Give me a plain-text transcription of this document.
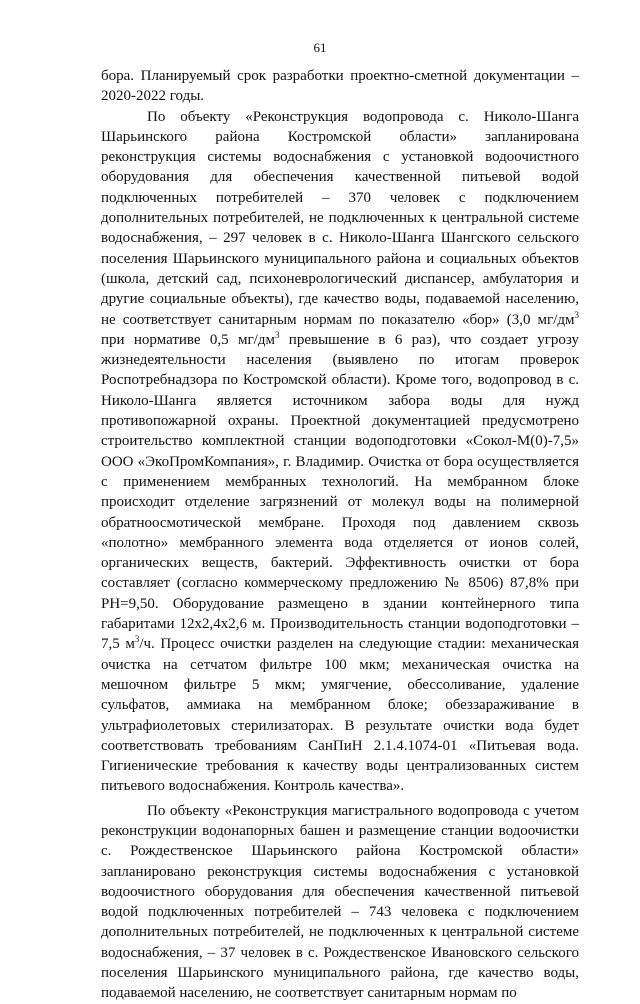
61

бора. Планируемый срок разработки проектно-сметной документации – 2020-2022 годы.

По объекту «Реконструкция водопровода с. Николо-Шанга Шарьинского района Костромской области» запланирована реконструкция системы водоснабжения с установкой водоочистного оборудования для обеспечения качественной питьевой водой подключенных потребителей – 370 человек с подключением дополнительных потребителей, не подключенных к центральной системе водоснабжения, – 297 человек в с. Николо-Шанга Шангского сельского поселения Шарьинского муниципального района и социальных объектов (школа, детский сад, психоневрологический диспансер, амбулатория и другие социальные объекты), где качество воды, подаваемой населению, не соответствует санитарным нормам по показателю «бор» (3,0 $мг/дм^3$ при нормативе 0,5 $мг/дм^3$ превышение в 6 раз), что создает угрозу жизнедеятельности населения (выявлено по итогам проверок Роспотребнадзора по Костромской области). Кроме того, водопровод в с. Николо-Шанга является источником забора воды для нужд противопожарной охраны. Проектной документацией предусмотрено строительство комплектной станции водоподготовки «Сокол-М(0)-7,5» ООО «ЭкоПромКомпания», г. Владимир. Очистка от бора осуществляется с применением мембранных технологий. На мембранном блоке происходит отделение загрязнений от молекул воды на полимерной обратноосмотической мембране. Проходя под давлением сквозь «полотно» мембранного элемента вода отделяется от ионов солей, органических веществ, бактерий. Эффективность очистки от бора составляет (согласно коммерческому предложению № 8506) 87,8% при РН=9,50. Оборудование размещено в здании контейнерного типа габаритами 12х2,4х2,6 м. Производительность станции водоподготовки – 7,5 $м^3/ч$. Процесс очистки разделен на следующие стадии: механическая очистка на сетчатом фильтре 100 мкм; механическая очистка на мешочном фильтре 5 мкм; умягчение, обессоливание, удаление сульфатов, аммиака на мембранном блоке; обеззараживание в ультрафиолетовых стерилизаторах. В результате очистки вода будет соответствовать требованиям СанПиН 2.1.4.1074-01 «Питьевая вода. Гигиенические требования к качеству воды централизованных систем питьевого водоснабжения. Контроль качества».

По объекту «Реконструкция магистрального водопровода с учетом реконструкции водонапорных башен и размещение станции водоочистки с. Рождественское Шарьинского района Костромской области» запланировано реконструкция системы водоснабжения с установкой водоочистного оборудования для обеспечения качественной питьевой водой подключенных потребителей – 743 человека с подключением дополнительных потребителей, не подключенных к центральной системе водоснабжения, – 37 человек в с. Рождественское Ивановского сельского поселения Шарьинского муниципального района, где качество воды, подаваемой населению, не соответствует санитарным нормам по
